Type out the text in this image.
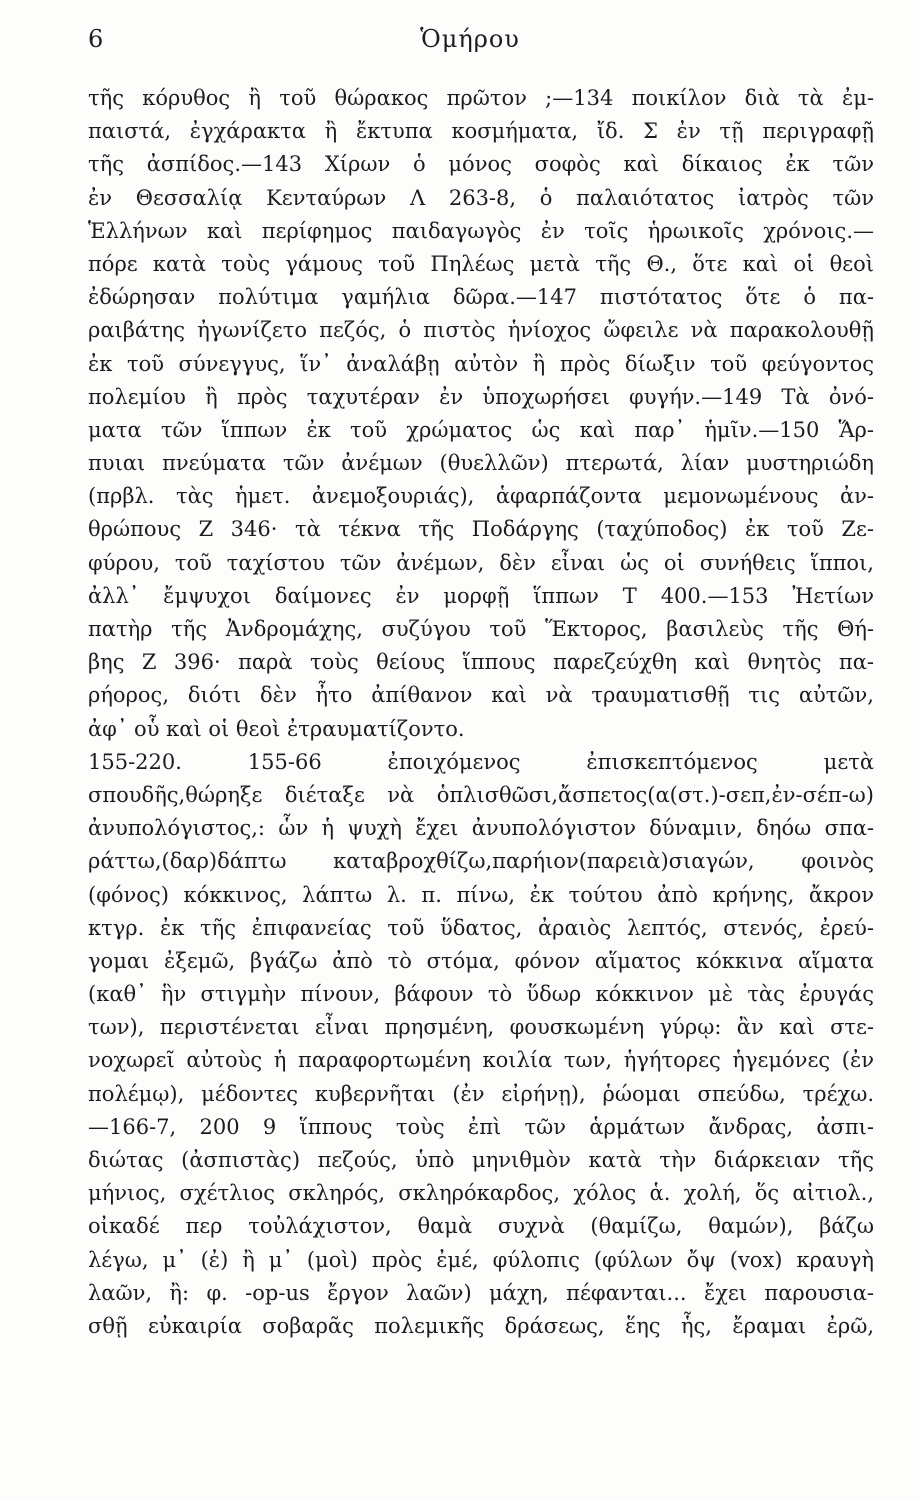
6	Ὁμήρου
τῆς κόρυθος ἢ τοῦ θώρακος πρῶτον ;—134 ποικίλον διὰ τὰ ἐμ-
παιστά, ἐγχάρακτα ἢ ἔκτυπα κοσμήματα, ἴδ. Σ ἐν τῇ περιγραφῇ
τῆς ἀσπίδος.—143 Χίρων ὁ μόνος σοφὸς καὶ δίκαιος ἐκ τῶν
ἐν Θεσσαλίᾳ Κενταύρων Λ 263-8, ὁ παλαιότατος ἰατρὸς τῶν
Ἑλλήνων καὶ περίφημος παιδαγωγὸς ἐν τοῖς ἡρωικοῖς χρόνοις.—
πόρε κατὰ τοὺς γάμους τοῦ Πηλέως μετὰ τῆς Θ., ὅτε καὶ οἱ θεοὶ
ἐδώρησαν πολύτιμα γαμήλια δῶρα.—147 πιστότατος ὅτε ὁ πα-
ραιβάτης ἠγωνίζετο πεζός, ὁ πιστὸς ἡνίοχος ὤφειλε νὰ παρακολουθῇ
ἐκ τοῦ σύνεγγυς, ἵν᾿ ἀναλάβῃ αὐτὸν ἢ πρὸς δίωξιν τοῦ φεύγοντος
πολεμίου ἢ πρὸς ταχυτέραν ἐν ὑποχωρήσει φυγήν.—149 Τὰ ὀνό-
ματα τῶν ἵππων ἐκ τοῦ χρώματος ὡς καὶ παρ᾿ ἡμῖν.—150 Ἅρ-
πυιαι πνεύματα τῶν ἀνέμων (θυελλῶν) πτερωτά, λίαν μυστηριώδη
(πρβλ. τὰς ἡμετ. ἀνεμοξουριάς), ἁφαρπάζοντα μεμονωμένους ἀν-
θρώπους Ζ 346· τὰ τέκνα τῆς Ποδάργης (ταχύποδος) ἐκ τοῦ Ζε-
φύρου, τοῦ ταχίστου τῶν ἀνέμων, δὲν εἶναι ὡς οἱ συνήθεις ἵπποι,
ἀλλ᾿ ἔμψυχοι δαίμονες ἐν μορφῇ ἵππων Τ 400.—153 Ἠετίων
πατὴρ τῆς Ἀνδρομάχης, συζύγου τοῦ Ἕκτορος, βασιλεὺς τῆς Θή-
βης Ζ 396· παρὰ τοὺς θείους ἵππους παρεζεύχθη καὶ θνητὸς πα-
ρήορος, διότι δὲν ἦτο ἀπίθανον καὶ νὰ τραυματισθῇ τις αὐτῶν,
ἀφ᾿ οὗ καὶ οἱ θεοὶ ἐτραυματίζοντο.
155-220. 155-66 ἐποιχόμενος ἐπισκεπτόμενος μετὰ
σπουδῆς,θώρηξε διέταξε νὰ ὁπλισθῶσι,ἄσπετος(α(στ.)-σεπ,ἐν-σέπ-ω)
ἀνυπολόγιστος,: ὧν ἡ ψυχὴ ἔχει ἀνυπολόγιστον δύναμιν, δηόω σπα-
ράττω,(δαρ)δάπτω καταβροχθίζω,παρήιον(παρειὰ)σιαγών, φοινὸς
(φόνος) κόκκινος, λάπτω λ. π. πίνω, ἐκ τούτου ἀπὸ κρήνης, ἄκρον
κτγρ. ἐκ τῆς ἐπιφανείας τοῦ ὕδατος, ἀραιὸς λεπτός, στενός, ἐρεύ-
γομαι ἐξεμῶ, βγάζω ἀπὸ τὸ στόμα, φόνον αἵματος κόκκινα αἵματα
(καθ᾿ ἣν στιγμὴν πίνουν, βάφουν τὸ ὕδωρ κόκκινον μὲ τὰς ἐρυγάς
των), περιστένεται εἶναι πρησμένη, φουσκωμένη γύρῳ: ἂν καὶ στε-
νοχωρεῖ αὐτοὺς ἡ παραφορτωμένη κοιλία των, ἡγήτορες ἡγεμόνες (ἐν
πολέμῳ), μέδοντες κυβερνῆται (ἐν εἰρήνῃ), ῥώομαι σπεύδω, τρέχω.
—166-7, 200 9 ἵππους τοὺς ἐπὶ τῶν ἁρμάτων ἄνδρας, ἀσπι-
διώτας (ἀσπιστὰς) πεζούς, ὑπὸ μηνιθμὸν κατὰ τὴν διάρκειαν τῆς
μήνιος, σχέτλιος σκληρός, σκληρόκαρδος, χόλος ἁ. χολή, ὅς αἰτιολ.,
οἰκαδέ περ τοὐλάχιστον, θαμὰ συχνὰ (θαμίζω, θαμών), βάζω
λέγω, μ᾿ (ἐ) ἢ μ᾿ (μοὶ) πρὸς ἐμέ, φύλοπις (φύλων ὄψ (vox) κραυγὴ
λαῶν, ἢ: φ. -op-us ἔργον λαῶν) μάχη, πέφανται... ἔχει παρουσια-
σθῇ εὐκαιρία σοβαρᾶς πολεμικῆς δράσεως, ἕης ἧς, ἔραμαι ἐρῶ,
